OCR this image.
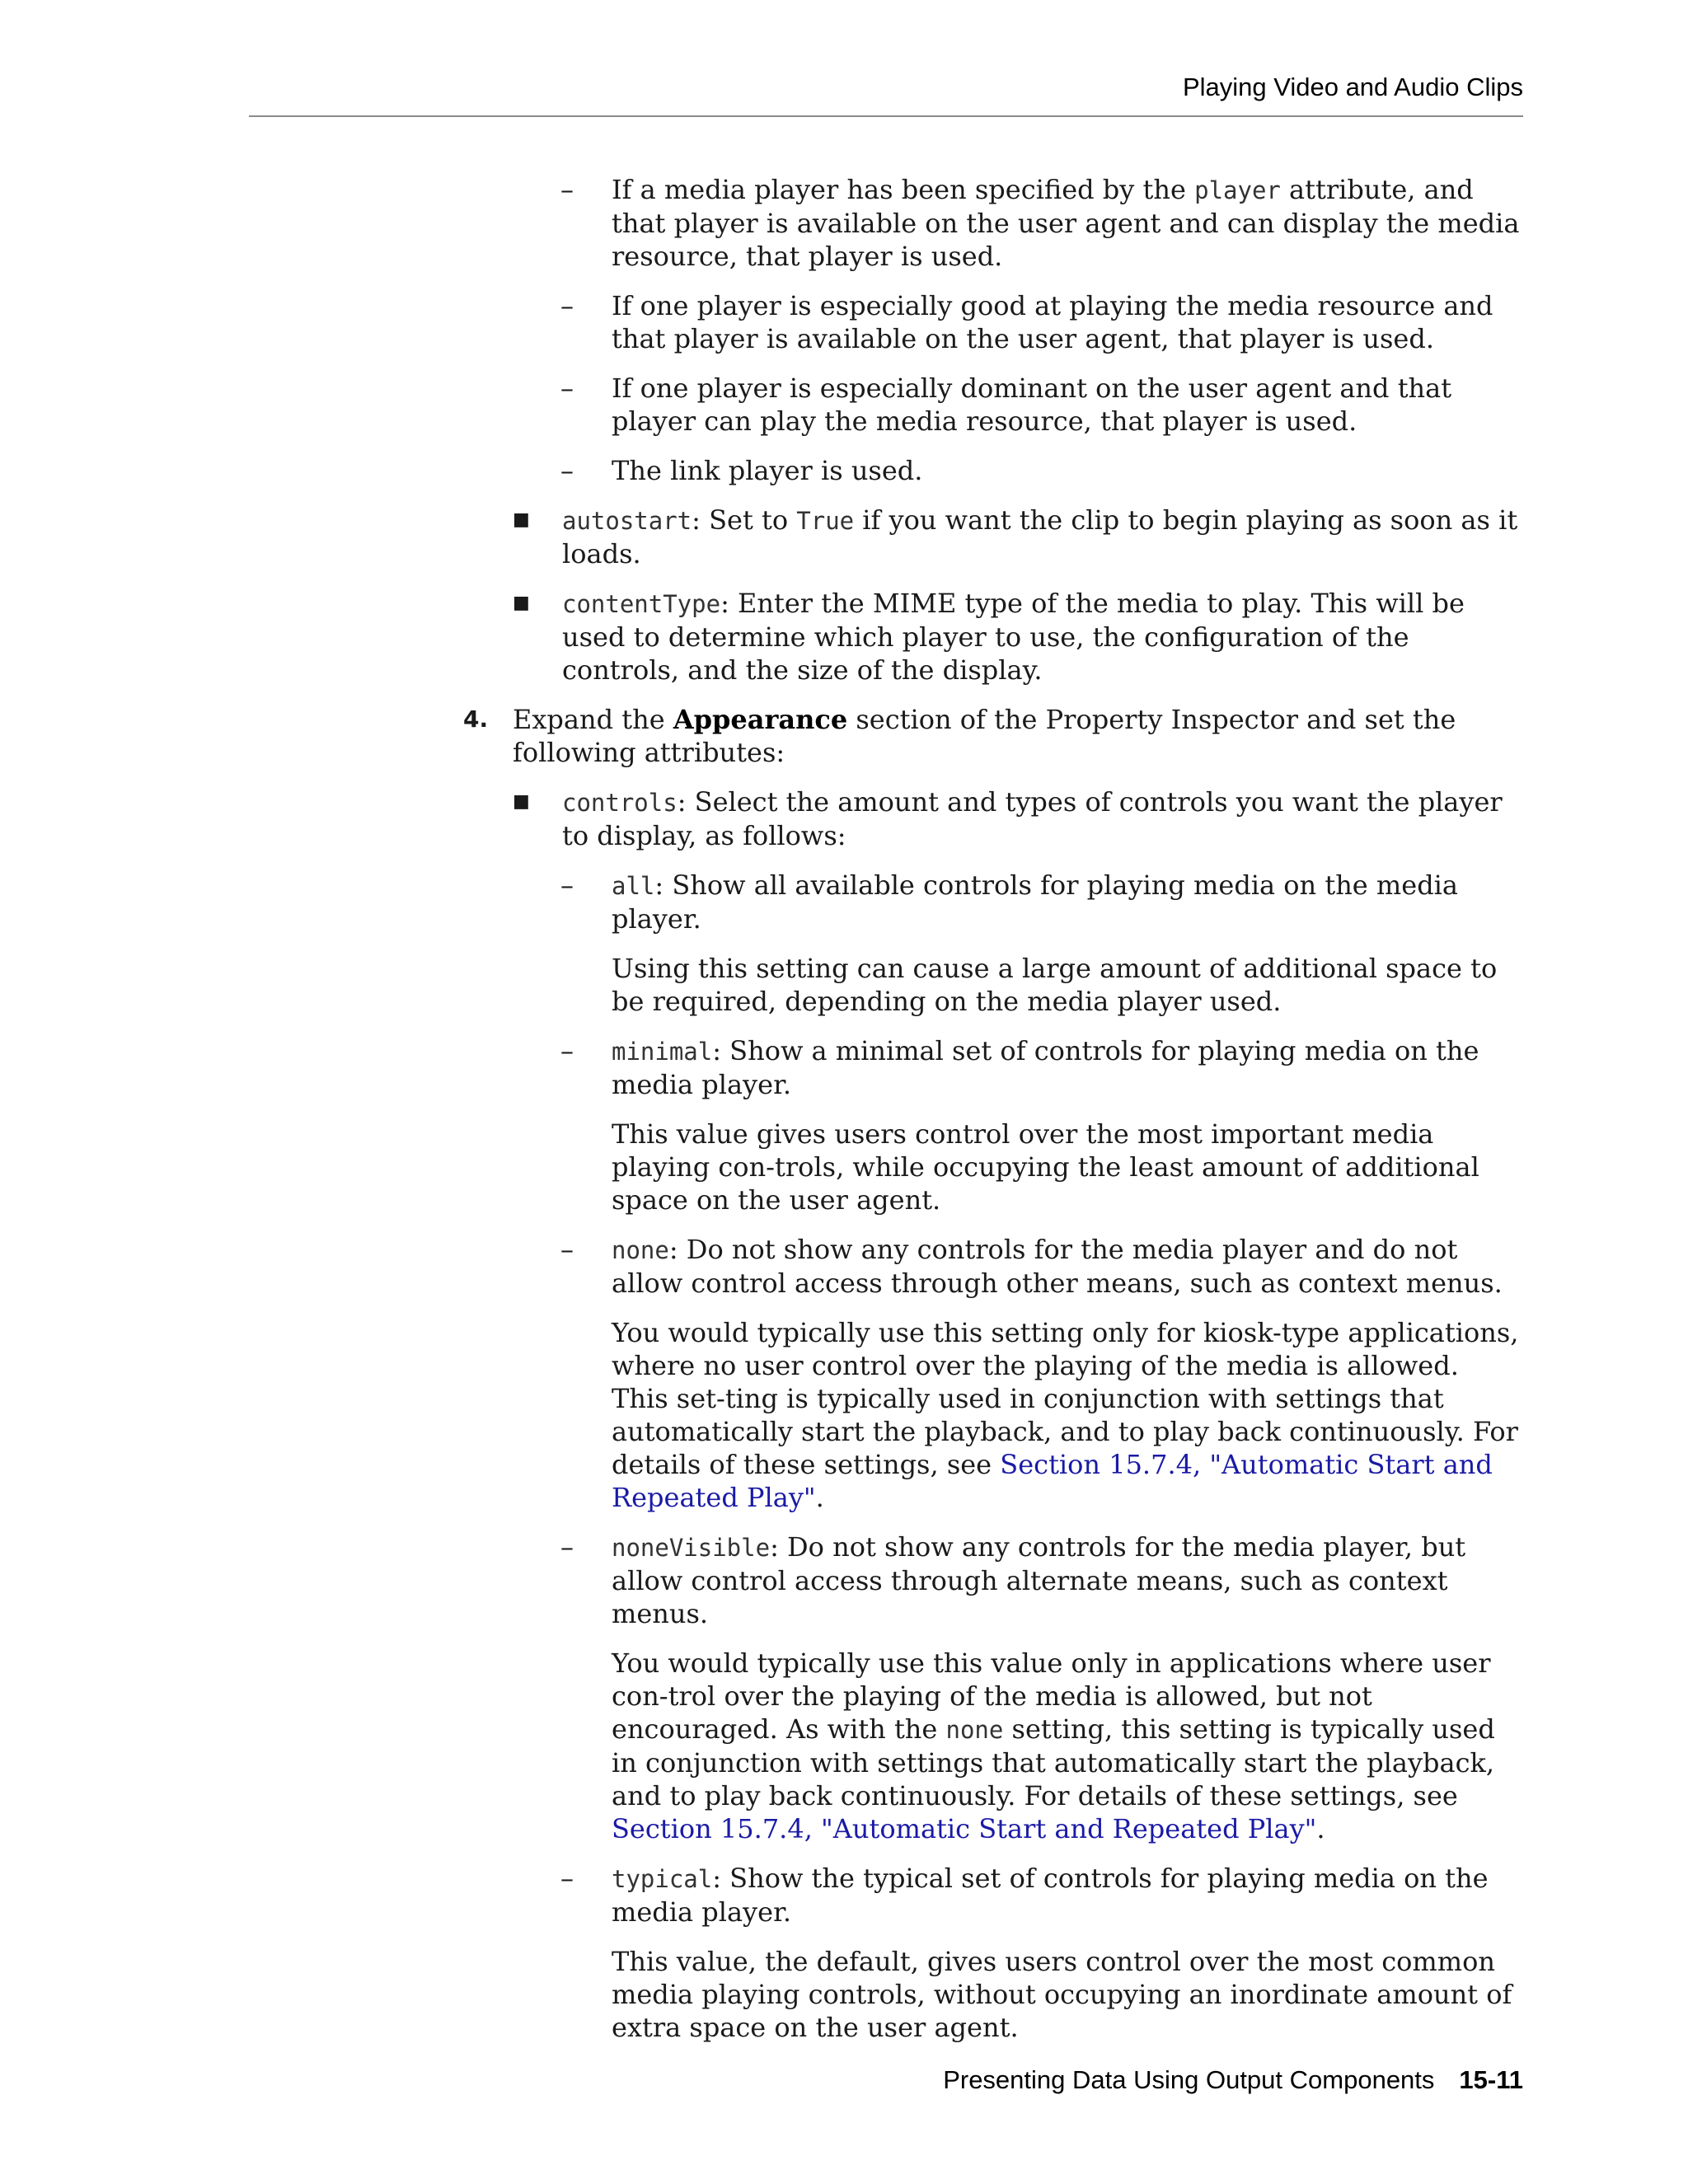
Playing Video and Audio Clips
– If a media player has been specified by the player attribute, and that player is available on the user agent and can display the media resource, that player is used.
– If one player is especially good at playing the media resource and that player is available on the user agent, that player is used.
– If one player is especially dominant on the user agent and that player can play the media resource, that player is used.
– The link player is used.
■ autostart: Set to True if you want the clip to begin playing as soon as it loads.
■ contentType: Enter the MIME type of the media to play. This will be used to determine which player to use, the configuration of the controls, and the size of the display.
4. Expand the Appearance section of the Property Inspector and set the following attributes:
■ controls: Select the amount and types of controls you want the player to display, as follows:
– all: Show all available controls for playing media on the media player.
Using this setting can cause a large amount of additional space to be required, depending on the media player used.
– minimal: Show a minimal set of controls for playing media on the media player.
This value gives users control over the most important media playing con-trols, while occupying the least amount of additional space on the user agent.
– none: Do not show any controls for the media player and do not allow control access through other means, such as context menus.
You would typically use this setting only for kiosk-type applications, where no user control over the playing of the media is allowed. This set-ting is typically used in conjunction with settings that automatically start the playback, and to play back continuously. For details of these settings, see Section 15.7.4, "Automatic Start and Repeated Play".
– noneVisible: Do not show any controls for the media player, but allow control access through alternate means, such as context menus.
You would typically use this value only in applications where user con-trol over the playing of the media is allowed, but not encouraged. As with the none setting, this setting is typically used in conjunction with settings that automatically start the playback, and to play back continuously. For details of these settings, see Section 15.7.4, "Automatic Start and Repeated Play".
– typical: Show the typical set of controls for playing media on the media player.
This value, the default, gives users control over the most common media playing controls, without occupying an inordinate amount of extra space on the user agent.
Presenting Data Using Output Components 15-11
